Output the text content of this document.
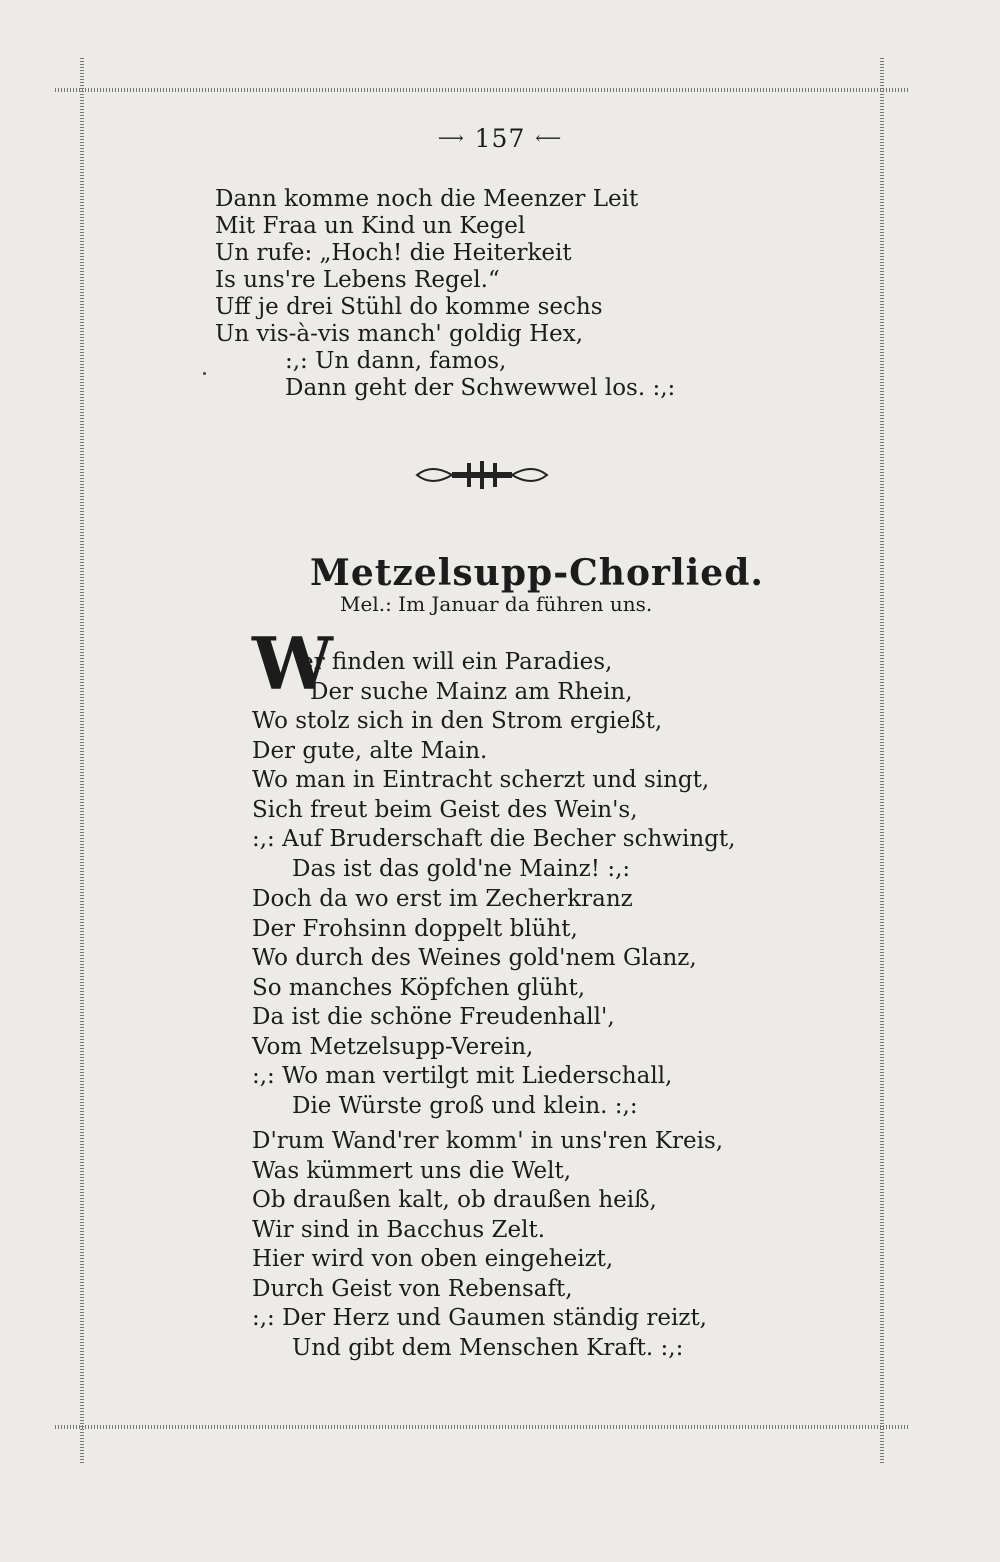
⟶ 157 ⟵
Dann komme noch die Meenzer Leit
Mit Fraa un Kind un Kegel
Un rufe: „Hoch! die Heiterkeit
Is uns're Lebens Regel.“
Uff je drei Stühl do komme sechs
Un vis-à-vis manch' goldig Hex,
:,: Un dann, famos,
Dann geht der Schwewwel los. :,:
Metzelsupp-Chorlied.
Mel.: Im Januar da führen uns.
W
er finden will ein Paradies,
Der suche Mainz am Rhein,
Wo stolz sich in den Strom ergießt,
Der gute, alte Main.
Wo man in Eintracht scherzt und singt,
Sich freut beim Geist des Wein's,
:,: Auf Bruderschaft die Becher schwingt,
Das ist das gold'ne Mainz! :,:
Doch da wo erst im Zecherkranz
Der Frohsinn doppelt blüht,
Wo durch des Weines gold'nem Glanz,
So manches Köpfchen glüht,
Da ist die schöne Freudenhall',
Vom Metzelsupp-Verein,
:,: Wo man vertilgt mit Liederschall,
Die Würste groß und klein. :,:
D'rum Wand'rer komm' in uns'ren Kreis,
Was kümmert uns die Welt,
Ob draußen kalt, ob draußen heiß,
Wir sind in Bacchus Zelt.
Hier wird von oben eingeheizt,
Durch Geist von Rebensaft,
:,: Der Herz und Gaumen ständig reizt,
Und gibt dem Menschen Kraft. :,:
